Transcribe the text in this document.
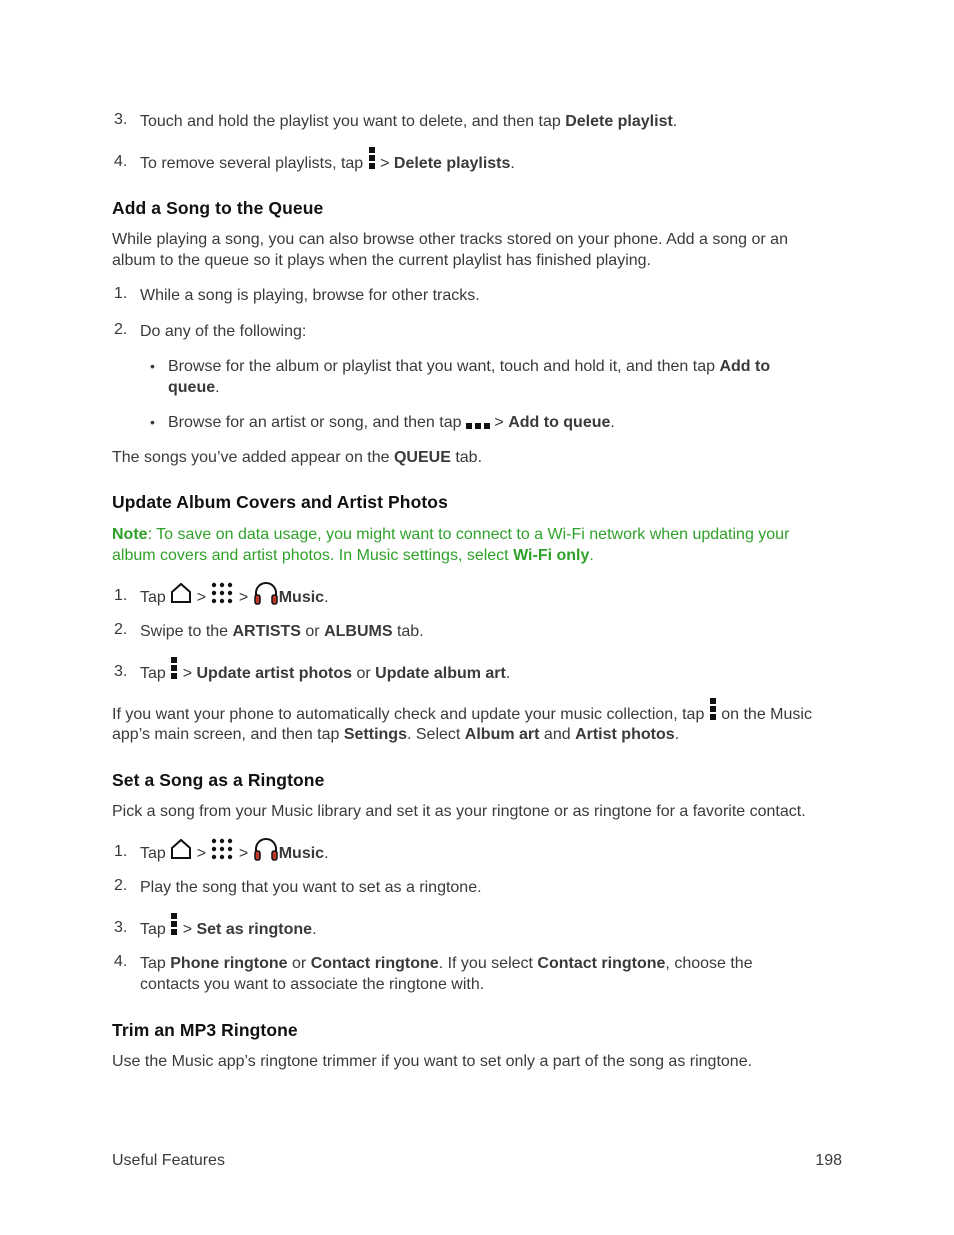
3. Touch and hold the playlist you want to delete, and then tap Delete playlist.
4. To remove several playlists, tap  > Delete playlists.
Add a Song to the Queue
While playing a song, you can also browse other tracks stored on your phone. Add a song or an
album to the queue so it plays when the current playlist has finished playing.
1. While a song is playing, browse for other tracks.
2. Do any of the following:
• Browse for the album or playlist that you want, touch and hold it, and then tap Add to
queue.
• Browse for an artist or song, and then tap  > Add to queue.
The songs you’ve added appear on the QUEUE tab.
Update Album Covers and Artist Photos
Note: To save on data usage, you might want to connect to a Wi-Fi network when updating your
album covers and artist photos. In Music settings, select Wi-Fi only.
1. Tap  >  > Music.
2. Swipe to the ARTISTS or ALBUMS tab.
3. Tap  > Update artist photos or Update album art.
If you want your phone to automatically check and update your music collection, tap  on the Music
app’s main screen, and then tap Settings. Select Album art and Artist photos.
Set a Song as a Ringtone
Pick a song from your Music library and set it as your ringtone or as ringtone for a favorite contact.
1. Tap  >  > Music.
2. Play the song that you want to set as a ringtone.
3. Tap  > Set as ringtone.
4. Tap Phone ringtone or Contact ringtone. If you select Contact ringtone, choose the
contacts you want to associate the ringtone with.
Trim an MP3 Ringtone
Use the Music app’s ringtone trimmer if you want to set only a part of the song as ringtone.
Useful Features	198
